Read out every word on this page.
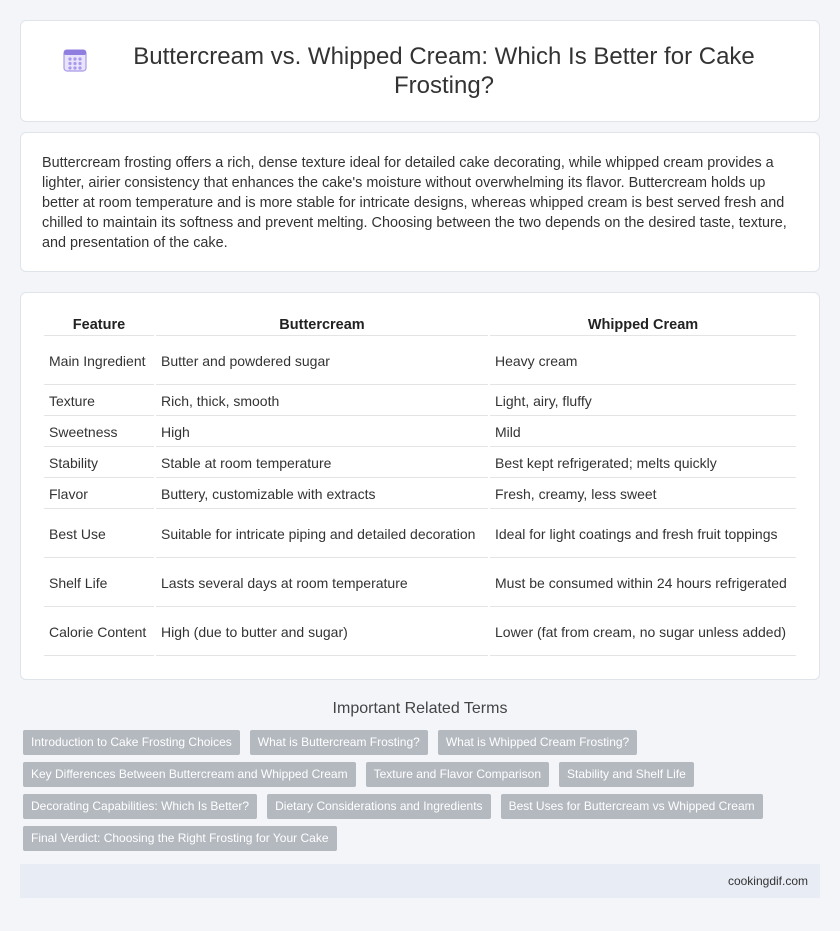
Buttercream vs. Whipped Cream: Which Is Better for Cake Frosting?

Buttercream frosting offers a rich, dense texture ideal for detailed cake decorating, while whipped cream provides a lighter, airier consistency that enhances the cake's moisture without overwhelming its flavor. Buttercream holds up better at room temperature and is more stable for intricate designs, whereas whipped cream is best served fresh and chilled to maintain its softness and prevent melting. Choosing between the two depends on the desired taste, texture, and presentation of the cake.

Feature	Buttercream	Whipped Cream
Main Ingredient	Butter and powdered sugar	Heavy cream
Texture	Rich, thick, smooth	Light, airy, fluffy
Sweetness	High	Mild
Stability	Stable at room temperature	Best kept refrigerated; melts quickly
Flavor	Buttery, customizable with extracts	Fresh, creamy, less sweet
Best Use	Suitable for intricate piping and detailed decoration	Ideal for light coatings and fresh fruit toppings
Shelf Life	Lasts several days at room temperature	Must be consumed within 24 hours refrigerated
Calorie Content	High (due to butter and sugar)	Lower (fat from cream, no sugar unless added)
Important Related Terms
Introduction to Cake Frosting Choices	What is Buttercream Frosting?	What is Whipped Cream Frosting?
Key Differences Between Buttercream and Whipped Cream	Texture and Flavor Comparison	Stability and Shelf Life
Decorating Capabilities: Which Is Better?	Dietary Considerations and Ingredients	Best Uses for Buttercream vs Whipped Cream
Final Verdict: Choosing the Right Frosting for Your Cake
cookingdif.com
